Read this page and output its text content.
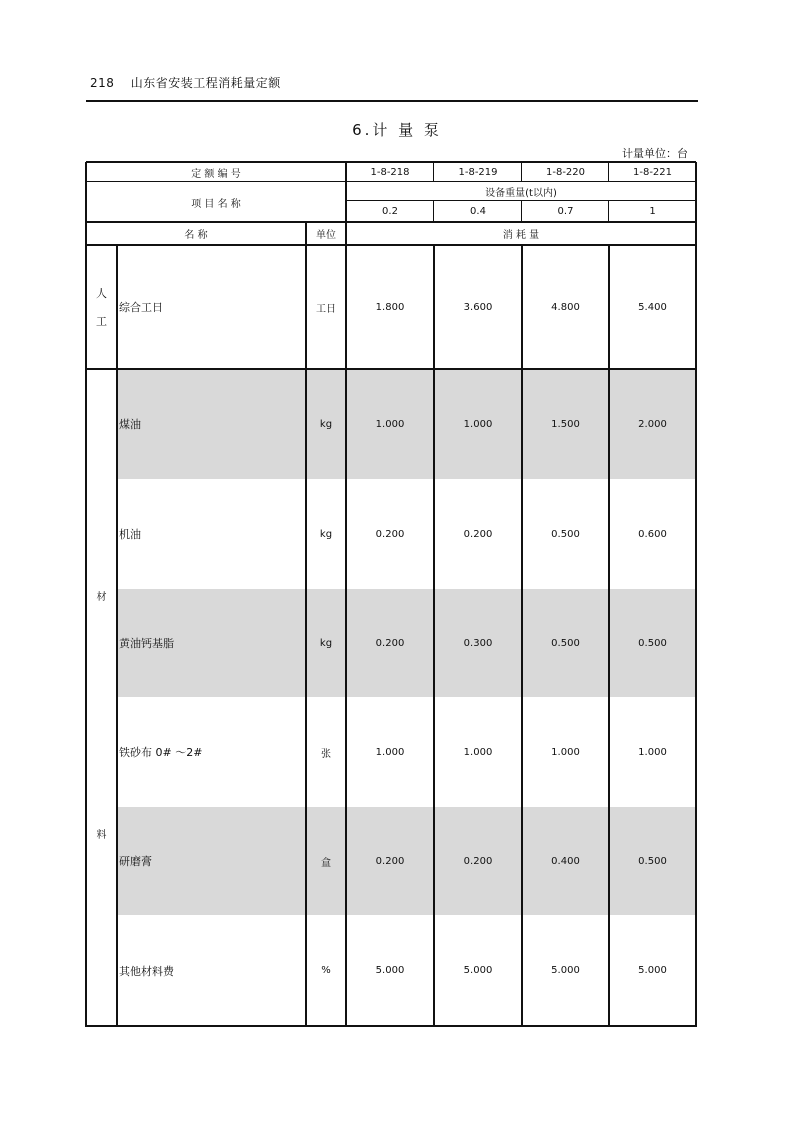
218 山东省安装工程消耗量定额
6.计 量 泵
计量单位：台
定 额 编 号
项 目 名 称
设备重量(t以内)
1-8-218	1-8-219	1-8-220	1-8-221
0.2	0.4	0.7	1
名 称	单位	消 耗 量
人
工
材
料
综合工日	工日	1.800	3.600	4.800	5.400
煤油	kg	1.000	1.000	1.500	2.000
机油	kg	0.200	0.200	0.500	0.600
黄油钙基脂	kg	0.200	0.300	0.500	0.500
铁砂布 0# ～2#	张	1.000	1.000	1.000	1.000
研磨膏	盒	0.200	0.200	0.400	0.500
其他材料费	%	5.000	5.000	5.000	5.000
